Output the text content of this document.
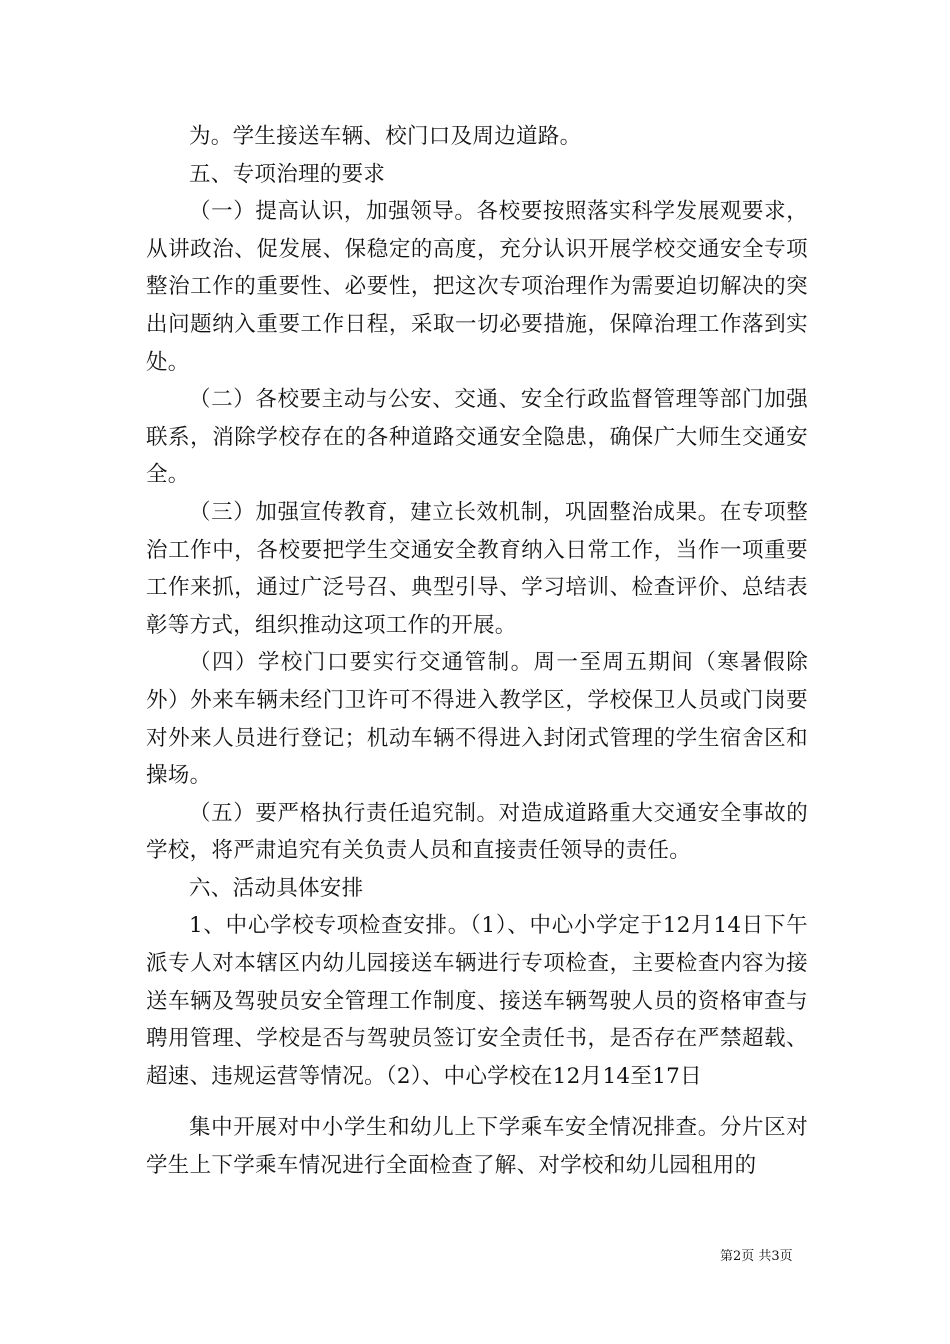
为。学生接送车辆、校门口及周边道路。

五、专项治理的要求

（一）提高认识，加强领导。各校要按照落实科学发展观要求，从讲政治、促发展、保稳定的高度，充分认识开展学校交通安全专项整治工作的重要性、必要性，把这次专项治理作为需要迫切解决的突出问题纳入重要工作日程，采取一切必要措施，保障治理工作落到实处。

（二）各校要主动与公安、交通、安全行政监督管理等部门加强联系，消除学校存在的各种道路交通安全隐患，确保广大师生交通安全。

（三）加强宣传教育，建立长效机制，巩固整治成果。在专项整治工作中，各校要把学生交通安全教育纳入日常工作，当作一项重要工作来抓，通过广泛号召、典型引导、学习培训、检查评价、总结表彰等方式，组织推动这项工作的开展。

（四）学校门口要实行交通管制。周一至周五期间（寒暑假除外）外来车辆未经门卫许可不得进入教学区，学校保卫人员或门岗要对外来人员进行登记；机动车辆不得进入封闭式管理的学生宿舍区和操场。

（五）要严格执行责任追究制。对造成道路重大交通安全事故的学校，将严肃追究有关负责人员和直接责任领导的责任。

六、活动具体安排

1、中心学校专项检查安排。（1）、中心小学定于12月14日下午派专人对本辖区内幼儿园接送车辆进行专项检查，主要检查内容为接送车辆及驾驶员安全管理工作制度、接送车辆驾驶人员的资格审查与聘用管理、学校是否与驾驶员签订安全责任书，是否存在严禁超载、超速、违规运营等情况。（2）、中心学校在12月14至17日

集中开展对中小学生和幼儿上下学乘车安全情况排查。分片区对学生上下学乘车情况进行全面检查了解、对学校和幼儿园租用的

第2页 共3页
